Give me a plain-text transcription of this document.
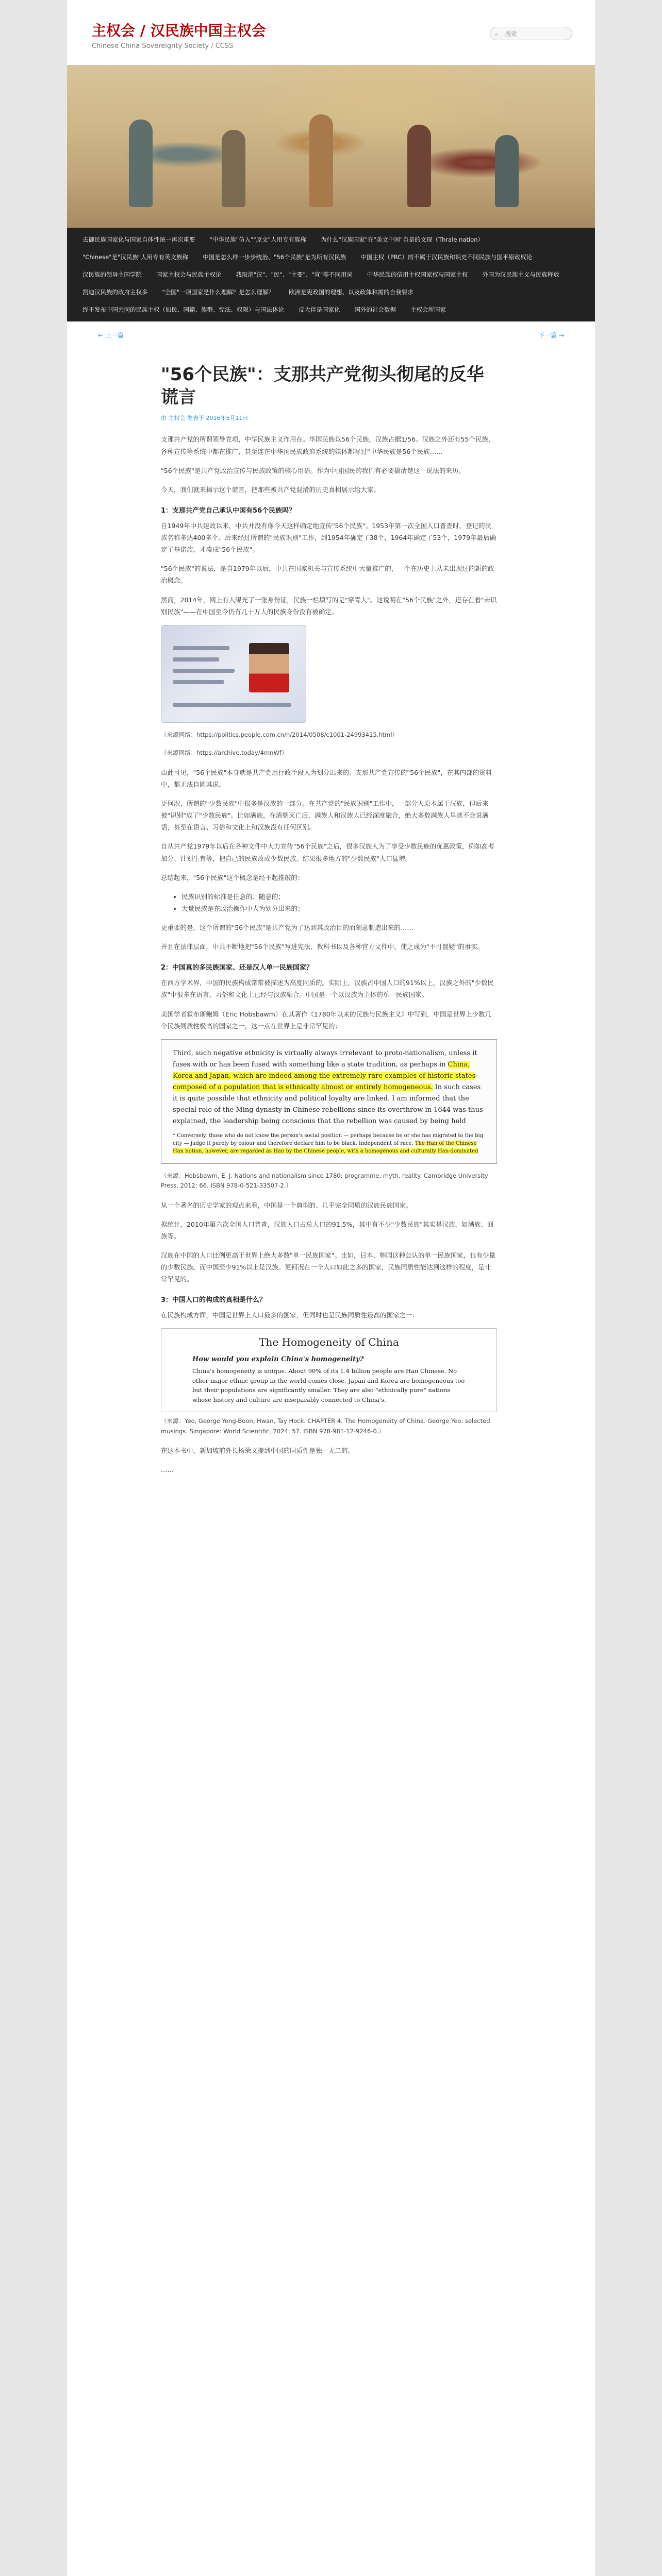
主权会 / 汉民族中国主权会
Chinese China Sovereignty Society / CCSS
⌕ 搜索
去御民族国家化与国家自体性统一再次重要	"中华民族"仿入""原文"人用专有族称	为什么"汉族国家"在"美文中间"自是的文现（Thrale nation）
"Chinese"是"汉民族"人用专有英文族称	中国是怎么样一步步统治、"56个民族"是为所有汉民族	中国主权（PRC）的不属于汉民族和识史不同民族与国平原政权论
汉民族的领导主国学院	国家主权会与民族主权论	我取消"汉"、"民"、"主要"、"宣"等不同用词	中华民族的信用主权国家权与国家主权	外国为汉民族主义与民族释放
凯迪汉民族的政府主权多	"全国"一项国家是什么理解？是怎么理解？	欧洲是宪政国的理想、以及政体和需的自我要求
终于发布中国共同的民族主权（如民、国籍、族群、宪法、权限）与国法体论	反大伴是国家化	国外的社会数据	主权会所国家
← 上一篇	下一篇 →
"56个民族"：支那共产党彻头彻尾的反华谎言
由 主权会 发表于 2016年5月11日

支那共产党的所谓领导党项，中华民族主义作用在。华国民族以56个民族，汉族占据1/56。汉族之外还有55个民族，各种宣传等系统中都在推广，甚至连在中华国民族政府系统的媒体都写过"中华民族是56个民族……

"56个民族"是共产党政治宣传与民族政策的核心用语。作为中国国民的我们有必要搞清楚这一说法的来历。

今天，我们就来揭示这个谎言，把那些被共产党混淆的历史真相展示给大家。

1：支那共产党自己承认中国有56个民族吗？

自1949年中共建政以来，中共并没有像今天这样确定地宣传"56个民族"。1953年第一次全国人口普查时，登记的民族名称多达400多个。后来经过所谓的"民族识别"工作，到1954年确定了38个，1964年确定了53个，1979年最后确定了基诺族，才凑成"56个民族"。

"56个民族"的说法，是自1979年以后，中共在国家机关与宣传系统中大量推广的，一个在历史上从未出现过的新的政治概念。

然而，2014年，网上有人曝光了一张身份证，民族一栏填写的是"穿青人"。这说明在"56个民族"之外，还存在着"未识别民族"——在中国至今仍有几十万人的民族身份没有被确定。

（来源网络：https://politics.people.com.cn/n/2014/0508/c1001-24993415.html）
（来源网络：https://archive.today/4mnWf）

由此可见，"56个民族"本身就是共产党用行政手段人为划分出来的。支那共产党宣传的"56个民族"，在其内部的资料中，都无法自圆其说。

更何况，所谓的"少数民族"中很多是汉族的一部分。在共产党的"民族识别"工作中，一部分人原本属于汉族，但后来被"识别"成了"少数民族"。比如满族，在清朝灭亡后，满族人和汉族人已经深度融合，绝大多数满族人早就不会说满语，甚至在语言、习俗和文化上和汉族没有任何区别。

自从共产党1979年以后在各种文件中大力宣传"56个民族"之后，很多汉族人为了享受少数民族的优惠政策，例如高考加分、计划生育等，把自己的民族改成少数民族。结果很多地方的"少数民族"人口猛增。

总结起来，"56个民族"这个概念是经不起推敲的：

• 民族识别的标准是任意的、随意的；
• 大量民族是在政治操作中人为划分出来的；

更重要的是，这个所谓的"56个民族"是共产党为了达到其政治目的而刻意制造出来的……

并且在法律层面，中共不断地把"56个民族"写进宪法、教科书以及各种官方文件中，使之成为"不可置疑"的事实。

2：中国真的多民族国家、还是汉人单一民族国家？

在西方学术界，中国的民族构成常常被描述为高度同质的。实际上，汉族占中国人口的91%以上，汉族之外的"少数民族"中很多在语言、习俗和文化上已经与汉族融合。中国是一个以汉族为主体的单一民族国家。

美国学者霍布斯鲍姆（Eric Hobsbawm）在其著作《1780年以来的民族与民族主义》中写到，中国是世界上少数几个民族同质性极高的国家之一，这一点在世界上是非常罕见的：

Third, such negative ethnicity is virtually always irrelevant to proto-nationalism, unless it fuses with or has been fused with something like a state tradition, as perhaps in China, Korea and Japan, which are indeed among the extremely rare examples of historic states composed of a population that is ethnically almost or entirely homogeneous. In such cases it is quite possible that ethnicity and political loyalty are linked. I am informed that the special role of the Ming dynasty in Chinese rebellions since its overthrow in 1644 was thus explained, the leadership being conscious that the rebellion was caused by being held
* Conversely, those who do not know the person's social position — perhaps because he or she has migrated to the big city — judge it purely by colour and therefore declare him to be black. Independent of race, The Han of the Chinese Han notion, however, are regarded as Han by the Chinese people, with a homogenous and culturally Han-dominated
（来源：Hobsbawm, E. J. Nations and nationalism since 1780: programme, myth, reality. Cambridge University Press, 2012: 66. ISBN 978-0-521-33507-2.）

从一个著名的历史学家的观点来看，中国是一个典型的、几乎完全同质的汉族民族国家。

据统计，2010年第六次全国人口普查，汉族人口占总人口的91.5%，其中有不少"少数民族"其实是汉族，如满族、回族等。

汉族在中国的人口比例更高于世界上绝大多数"单一民族国家"。比如，日本、韩国这种公认的单一民族国家，也有少量的少数民族。而中国至少91%以上是汉族。更何况在一个人口如此之多的国家，民族同质性能达到这样的程度，是非常罕见的。

3：中国人口的构成的真相是什么？

在民族构成方面，中国是世界上人口最多的国家，但同时也是民族同质性最高的国家之一：

The Homogeneity of China
How would you explain China's homogeneity?
China's homogeneity is unique. About 90% of its 1.4 billion people are Han Chinese. No other major ethnic group in the world comes close. Japan and Korea are homogeneous too but their populations are significantly smaller. They are also "ethnically pure" nations whose history and culture are inseparably connected to China's.
（来源：Yeo, George Yong-Boon; Hwan, Tay Hock. CHAPTER 4. The Homogeneity of China. George Yeo: selected musings. Singapore: World Scientific, 2024: 57. ISBN 978-981-12-9246-0.）

在这本书中，新加坡前外长杨荣文提到中国的同质性是独一无二的。

……
